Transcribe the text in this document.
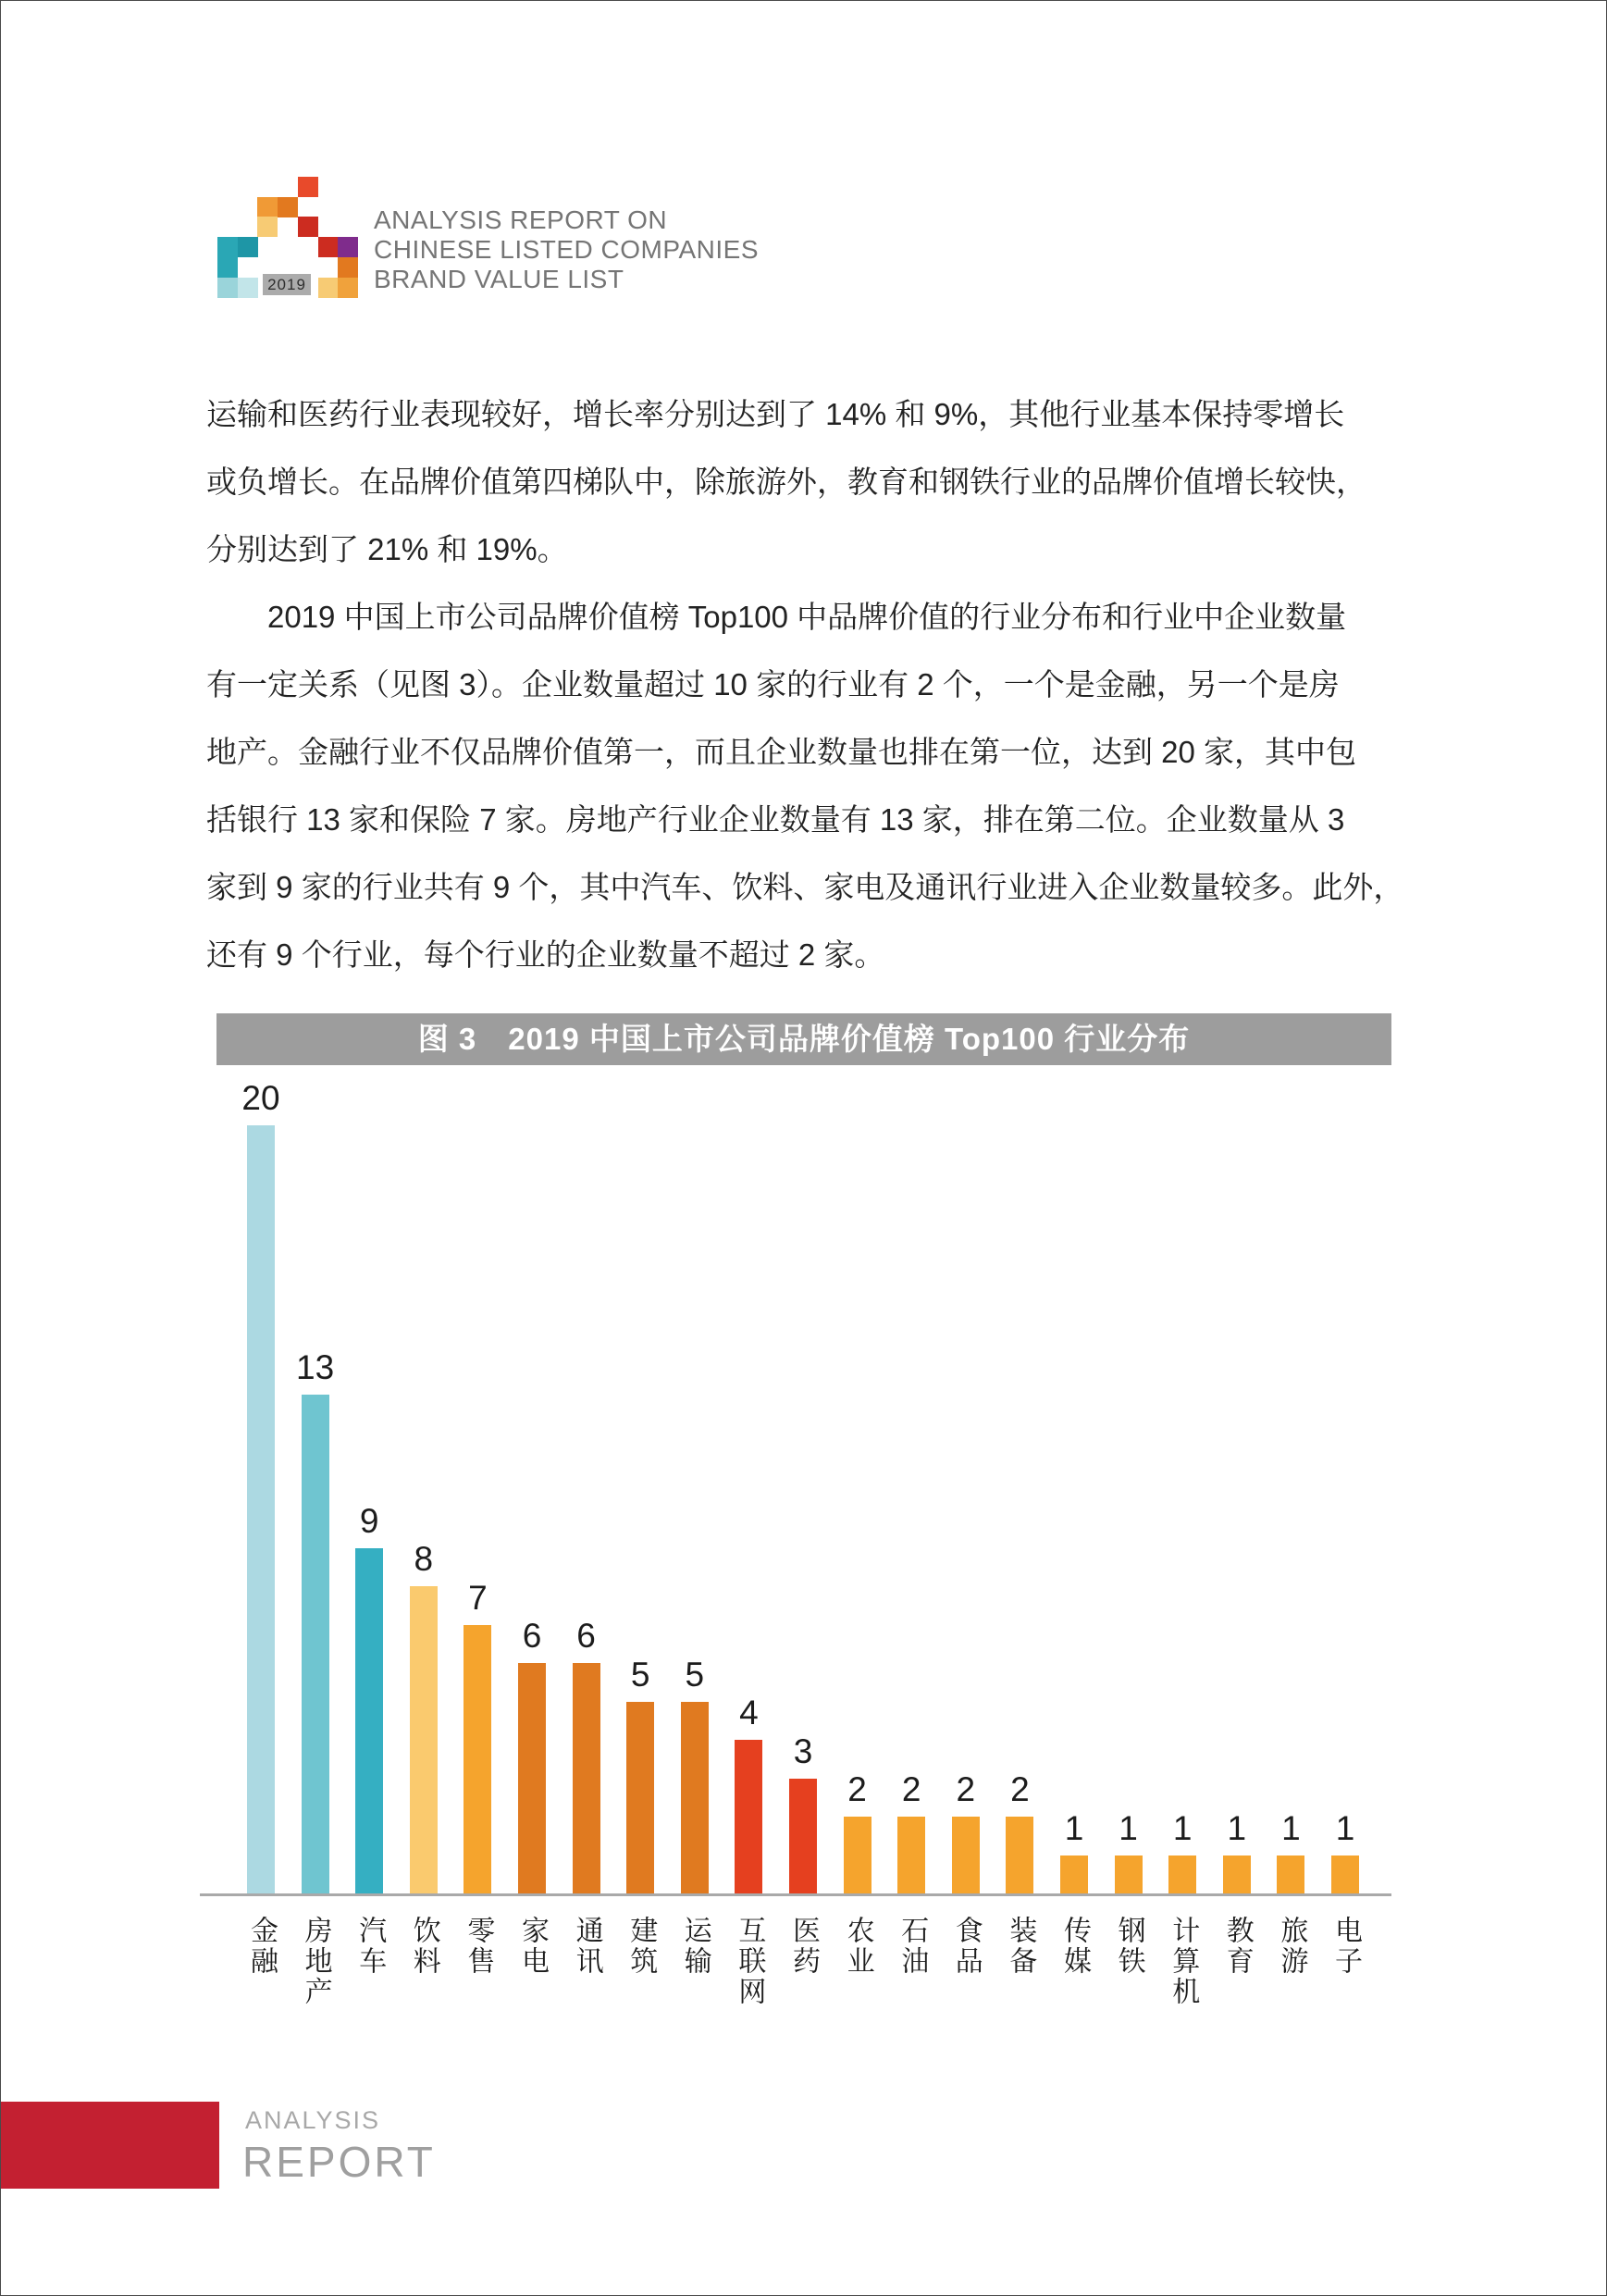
2019
ANALYSIS REPORT ON
CHINESE LISTED COMPANIES
BRAND VALUE LIST
运输和医药行业表现较好，增长率分别达到了 14% 和 9%，其他行业基本保持零增长
或负增长。在品牌价值第四梯队中，除旅游外，教育和钢铁行业的品牌价值增长较快，
分别达到了 21% 和 19%。
2019 中国上市公司品牌价值榜 Top100 中品牌价值的行业分布和行业中企业数量
有一定关系（见图 3）。企业数量超过 10 家的行业有 2 个，一个是金融，另一个是房
地产。金融行业不仅品牌价值第一，而且企业数量也排在第一位，达到 20 家，其中包
括银行 13 家和保险 7 家。房地产行业企业数量有 13 家，排在第二位。企业数量从 3
家到 9 家的行业共有 9 个，其中汽车、饮料、家电及通讯行业进入企业数量较多。此外，
还有 9 个行业，每个行业的企业数量不超过 2 家。
图 3　2019 中国上市公司品牌价值榜 Top100 行业分布
20
金融
13
房地产
9
汽车
8
饮料
7
零售
6
家电
6
通讯
5
建筑
5
运输
4
互联网
3
医药
2
农业
2
石油
2
食品
2
装备
1
传媒
1
钢铁
1
计算机
1
教育
1
旅游
1
电子
ANALYSIS
REPORT
